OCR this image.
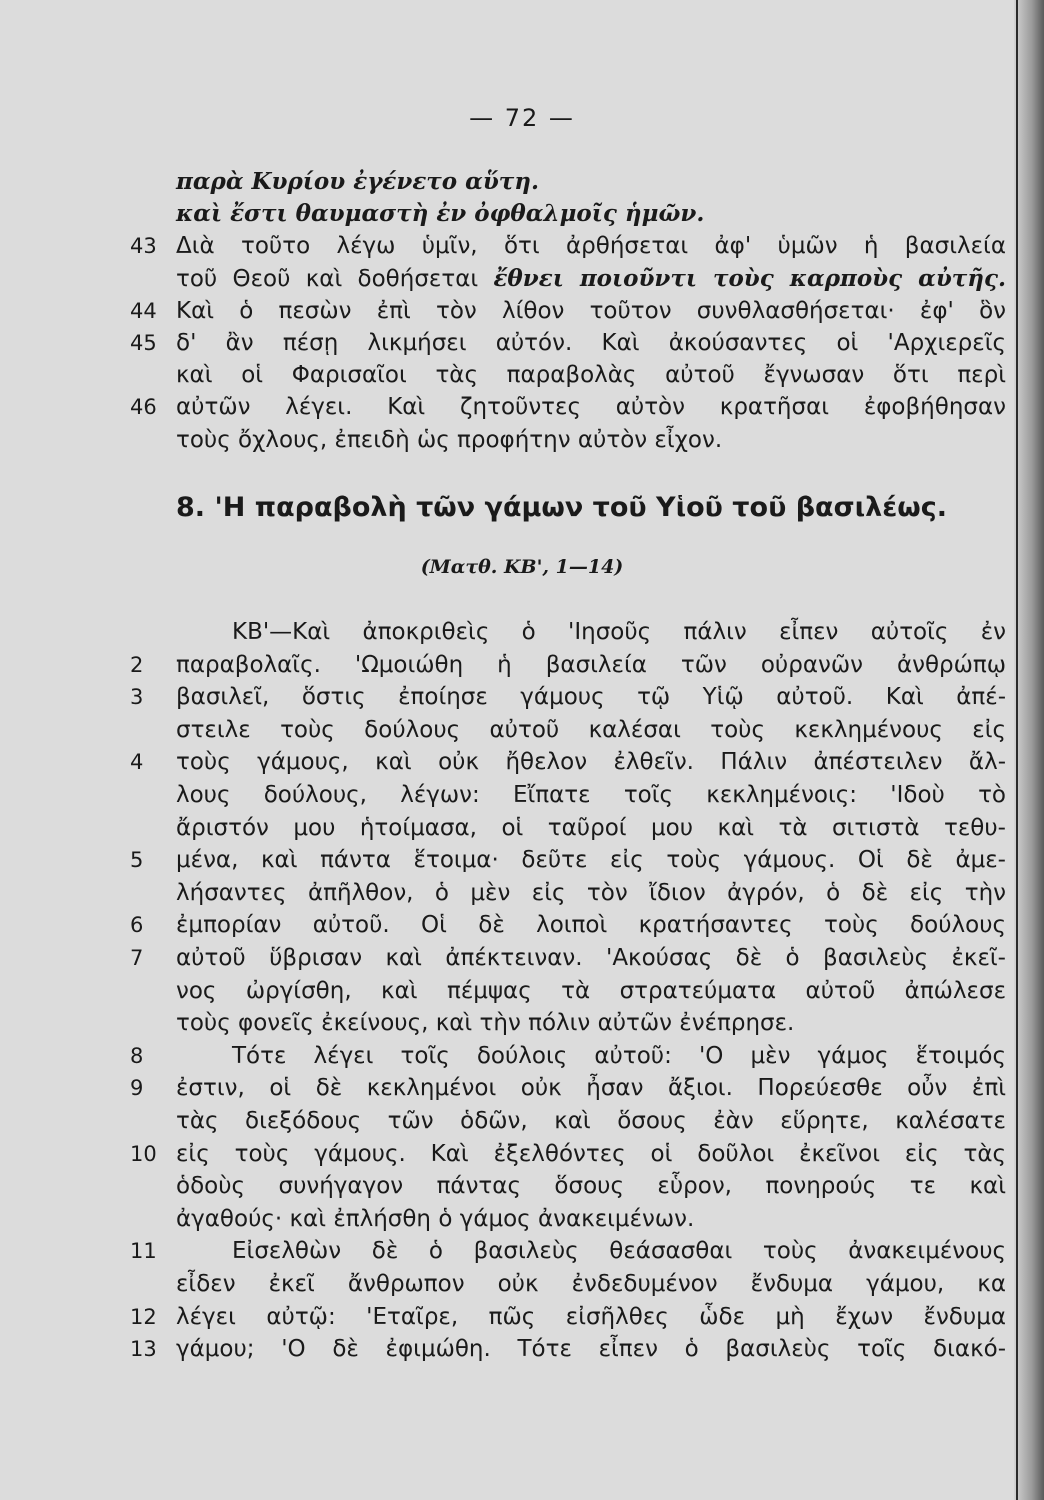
— 72 —
παρὰ Κυρίου ἐγένετο αὕτη.
καὶ ἔστι θαυμαστὴ ἐν ὀφθαλμοῖς ἡμῶν.
43 Διὰ τοῦτο λέγω ὑμῖν, ὅτι ἀρθήσεται ἀφ' ὑμῶν ἡ βασιλεία
τοῦ Θεοῦ καὶ δοθήσεται ἔθνει ποιοῦντι τοὺς καρποὺς αὐτῆς.
44 Καὶ ὁ πεσὼν ἐπὶ τὸν λίθον τοῦτον συνθλασθήσεται· ἐφ' ὃν
45 δ' ἂν πέσῃ λικμήσει αὐτόν. Καὶ ἀκούσαντες οἱ 'Αρχιερεῖς
καὶ οἱ Φαρισαῖοι τὰς παραβολὰς αὐτοῦ ἔγνωσαν ὅτι περὶ
46 αὐτῶν λέγει. Καὶ ζητοῦντες αὐτὸν κρατῆσαι ἐφοβήθησαν
τοὺς ὄχλους, ἐπειδὴ ὡς προφήτην αὐτὸν εἶχον.
8. 'Η παραβολὴ τῶν γάμων τοῦ Υἱοῦ τοῦ βασιλέως.
(Ματθ. ΚΒ', 1—14)
ΚΒ'—Καὶ ἀποκριθεὶς ὁ 'Ιησοῦς πάλιν εἶπεν αὐτοῖς ἐν
2	παραβολαῖς. 'Ωμοιώθη ἡ βασιλεία τῶν οὐρανῶν ἀνθρώπῳ
3	βασιλεῖ, ὅστις ἐποίησε γάμους τῷ Υἱῷ αὐτοῦ. Καὶ ἀπέ-
στειλε τοὺς δούλους αὐτοῦ καλέσαι τοὺς κεκλημένους εἰς
4	τοὺς γάμους, καὶ οὐκ ἤθελον ἐλθεῖν. Πάλιν ἀπέστειλεν ἄλ-
λους δούλους, λέγων: Εἴπατε τοῖς κεκλημένοις: 'Ιδοὺ τὸ
ἄριστόν μου ἡτοίμασα, οἱ ταῦροί μου καὶ τὰ σιτιστὰ τεθυ-
5	μένα, καὶ πάντα ἕτοιμα· δεῦτε εἰς τοὺς γάμους. Οἱ δὲ ἀμε-
λήσαντες ἀπῆλθον, ὁ μὲν εἰς τὸν ἴδιον ἀγρόν, ὁ δὲ εἰς τὴν
6	ἐμπορίαν αὐτοῦ. Οἱ δὲ λοιποὶ κρατήσαντες τοὺς δούλους
7	αὐτοῦ ὕβρισαν καὶ ἀπέκτειναν. 'Ακούσας δὲ ὁ βασιλεὺς ἐκεῖ-
νος ὠργίσθη, καὶ πέμψας τὰ στρατεύματα αὐτοῦ ἀπώλεσε
τοὺς φονεῖς ἐκείνους, καὶ τὴν πόλιν αὐτῶν ἐνέπρησε.
8	Τότε λέγει τοῖς δούλοις αὐτοῦ: 'Ο μὲν γάμος ἕτοιμός
9	ἐστιν, οἱ δὲ κεκλημένοι οὐκ ἦσαν ἄξιοι. Πορεύεσθε οὖν ἐπὶ
τὰς διεξόδους τῶν ὁδῶν, καὶ ὅσους ἐὰν εὕρητε, καλέσατε
10 εἰς τοὺς γάμους. Καὶ ἐξελθόντες οἱ δοῦλοι ἐκεῖνοι εἰς τὰς
ὁδοὺς συνήγαγον πάντας ὅσους εὗρον, πονηρούς τε καὶ
ἀγαθούς· καὶ ἐπλήσθη ὁ γάμος ἀνακειμένων.
11	Εἰσελθὼν δὲ ὁ βασιλεὺς θεάσασθαι τοὺς ἀνακειμένους
εἶδεν ἐκεῖ ἄνθρωπον οὐκ ἐνδεδυμένον ἔνδυμα γάμου, κα
12 λέγει αὐτῷ: 'Εταῖρε, πῶς εἰσῆλθες ὧδε μὴ ἔχων ἔνδυμα
13 γάμου; 'Ο δὲ ἐφιμώθη. Τότε εἶπεν ὁ βασιλεὺς τοῖς διακό-
